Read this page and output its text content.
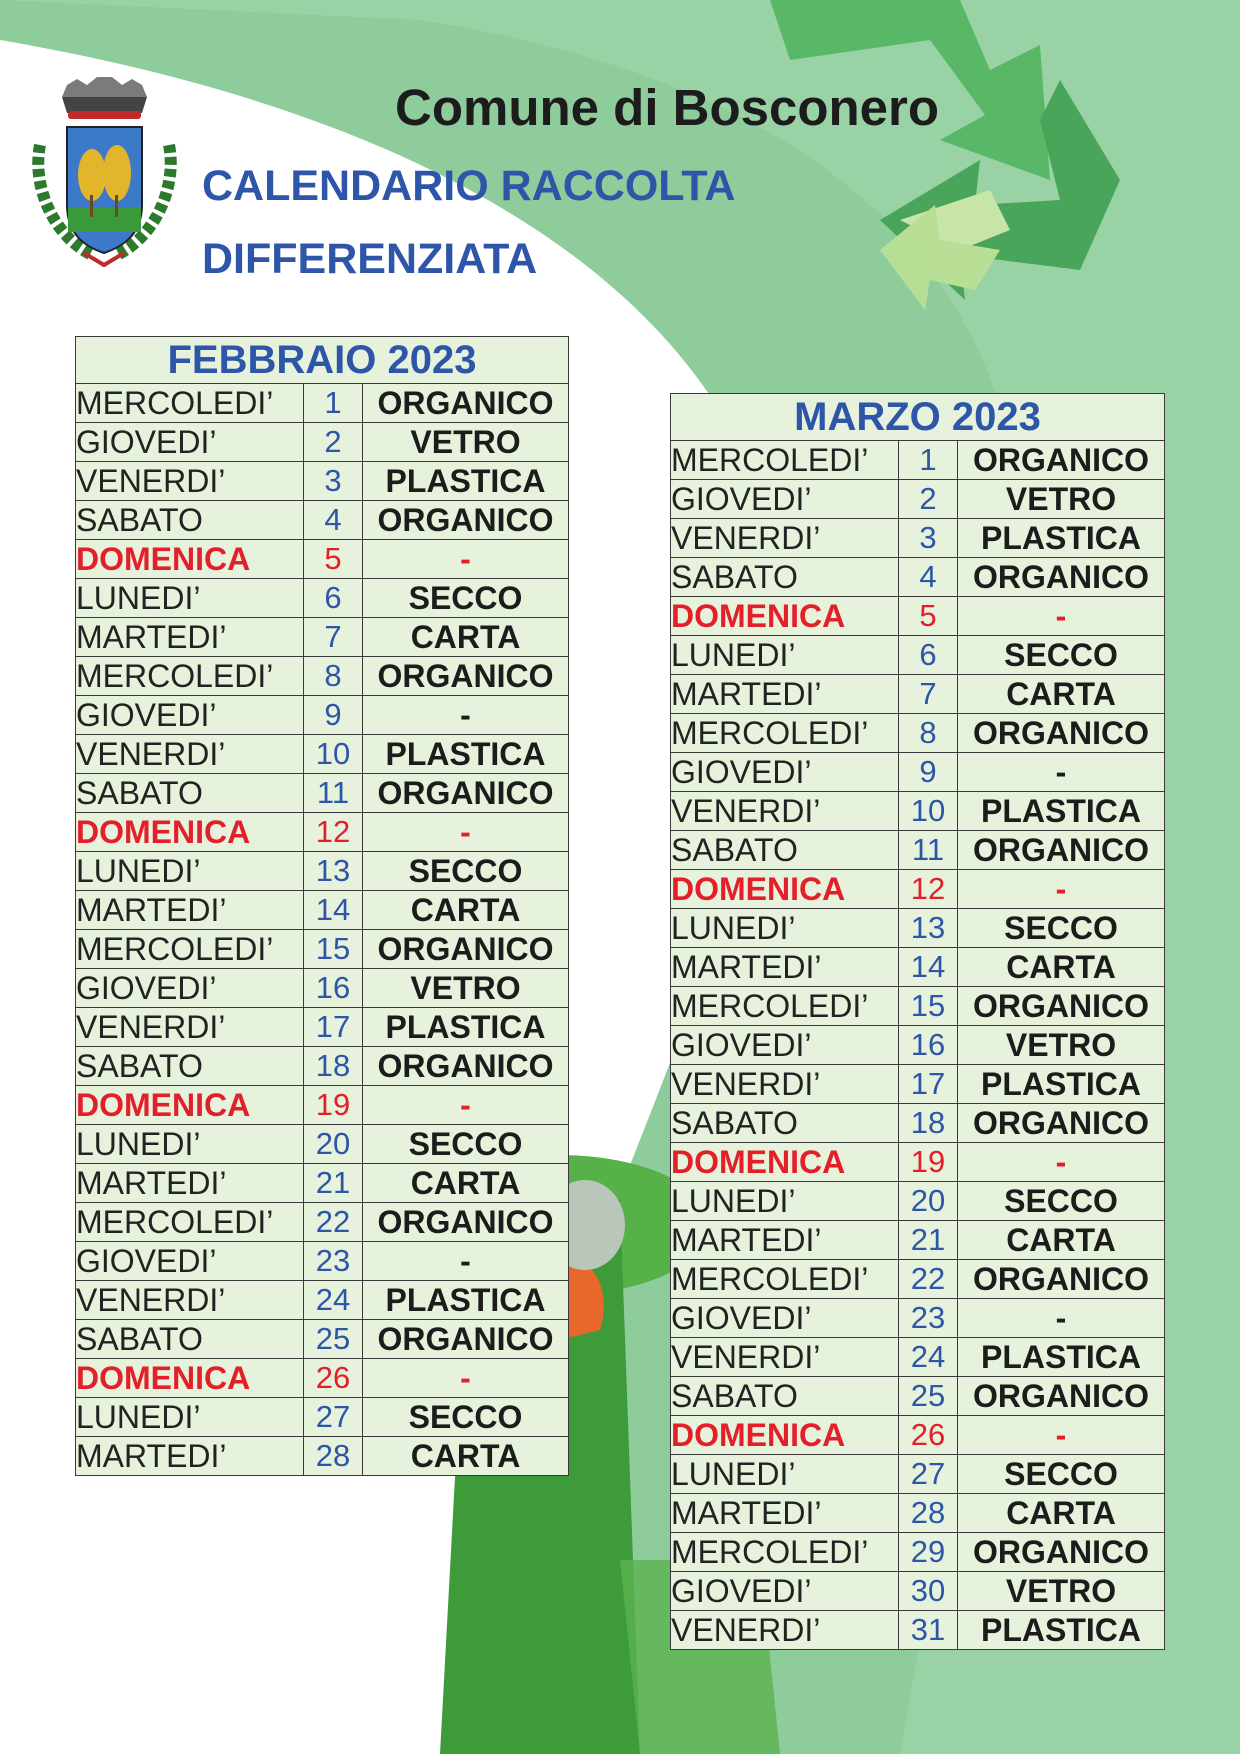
Comune di Bosconero
CALENDARIO RACCOLTA
DIFFERENZIATA
FEBBRAIO 2023		
MERCOLEDI’	1	ORGANICO
GIOVEDI’	2	VETRO
VENERDI’	3	PLASTICA
SABATO	4	ORGANICO
DOMENICA	5	-
LUNEDI’	6	SECCO
MARTEDI’	7	CARTA
MERCOLEDI’	8	ORGANICO
GIOVEDI’	9	-
VENERDI’	10	PLASTICA
SABATO	11	ORGANICO
DOMENICA	12	-
LUNEDI’	13	SECCO
MARTEDI’	14	CARTA
MERCOLEDI’	15	ORGANICO
GIOVEDI’	16	VETRO
VENERDI’	17	PLASTICA
SABATO	18	ORGANICO
DOMENICA	19	-
LUNEDI’	20	SECCO
MARTEDI’	21	CARTA
MERCOLEDI’	22	ORGANICO
GIOVEDI’	23	-
VENERDI’	24	PLASTICA
SABATO	25	ORGANICO
DOMENICA	26	-
LUNEDI’	27	SECCO
MARTEDI’	28	CARTA
MARZO 2023		
MERCOLEDI’	1	ORGANICO
GIOVEDI’	2	VETRO
VENERDI’	3	PLASTICA
SABATO	4	ORGANICO
DOMENICA	5	-
LUNEDI’	6	SECCO
MARTEDI’	7	CARTA
MERCOLEDI’	8	ORGANICO
GIOVEDI’	9	-
VENERDI’	10	PLASTICA
SABATO	11	ORGANICO
DOMENICA	12	-
LUNEDI’	13	SECCO
MARTEDI’	14	CARTA
MERCOLEDI’	15	ORGANICO
GIOVEDI’	16	VETRO
VENERDI’	17	PLASTICA
SABATO	18	ORGANICO
DOMENICA	19	-
LUNEDI’	20	SECCO
MARTEDI’	21	CARTA
MERCOLEDI’	22	ORGANICO
GIOVEDI’	23	-
VENERDI’	24	PLASTICA
SABATO	25	ORGANICO
DOMENICA	26	-
LUNEDI’	27	SECCO
MARTEDI’	28	CARTA
MERCOLEDI’	29	ORGANICO
GIOVEDI’	30	VETRO
VENERDI’	31	PLASTICA
